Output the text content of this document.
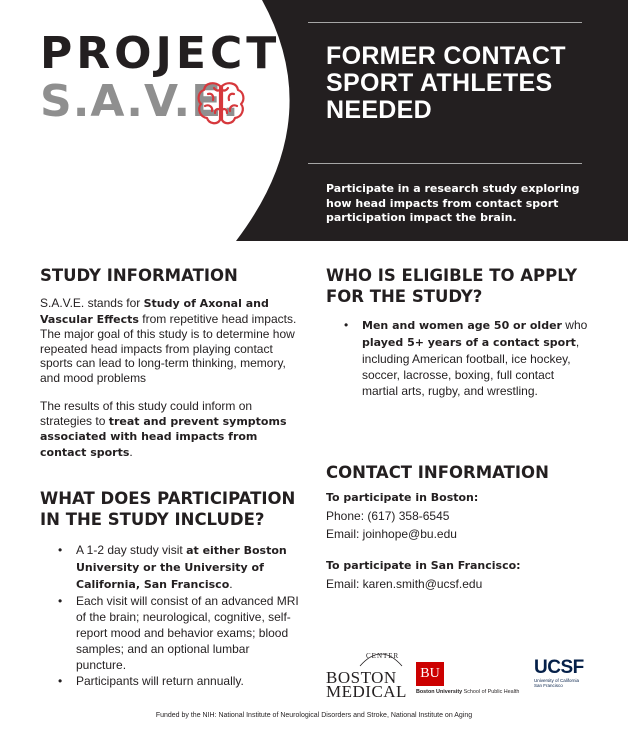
PROJECT
S.A.V.E.
FORMER CONTACT SPORT ATHLETES NEEDED
Participate in a research study exploring how head impacts from contact sport participation impact the brain.
STUDY INFORMATION

S.A.V.E. stands for Study of Axonal and Vascular Effects from repetitive head impacts. The major goal of this study is to determine how repeated head impacts from playing contact sports can lead to long-term thinking, memory, and mood problems

The results of this study could inform on strategies to treat and prevent symptoms associated with head impacts from contact sports.

WHAT DOES PARTICIPATION IN THE STUDY INCLUDE?
• A 1-2 day study visit at either Boston University or the University of California, San Francisco.
• Each visit will consist of an advanced MRI of the brain; neurological, cognitive, self-report mood and behavior exams; blood samples; and an optional lumbar puncture.
• Participants will return annually.
WHO IS ELIGIBLE TO APPLY FOR THE STUDY?
• Men and women age 50 or older who played 5+ years of a contact sport, including American football, ice hockey, soccer, lacrosse, boxing, full contact martial arts, rugby, and wrestling.
CONTACT INFORMATION
To participate in Boston:
Phone: (617) 358-6545
Email: joinhope@bu.edu
To participate in San Francisco:
Email: karen.smith@ucsf.edu
CENTER
BOSTON
MEDICAL
BU
Boston University School of Public Health
UCSF
University of California
San Francisco
Funded by the NIH: National Institute of Neurological Disorders and Stroke, National Institute on Aging
